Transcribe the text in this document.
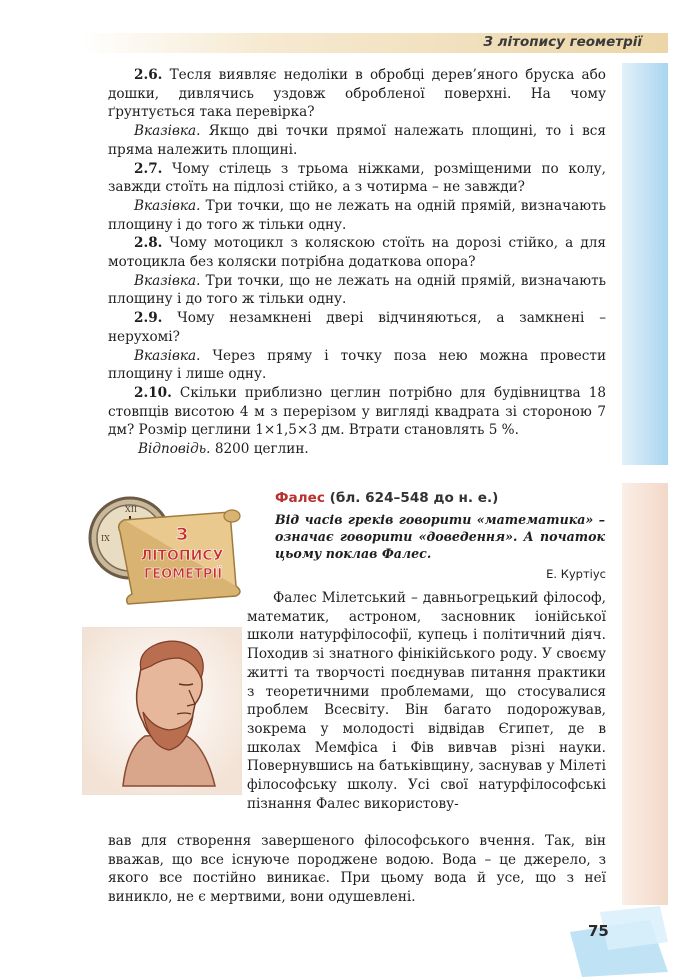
З літопису геометрії

2.6. Тесля виявляє недоліки в обробці дерев’яного бруска або дошки, дивлячись уздовж обробленої поверхні. На чому ґрунтується така перевірка?

Вказівка. Якщо дві точки прямої належать площині, то і вся пряма належить площині.

2.7. Чому стілець з трьома ніжками, розміщеними по колу, завжди стоїть на підлозі стійко, а з чотирма – не завжди?

Вказівка. Три точки, що не лежать на одній прямій, визначають площину і до того ж тільки одну.

2.8. Чому мотоцикл з коляскою стоїть на дорозі стійко, а для мотоцикла без коляски потрібна додаткова опора?

Вказівка. Три точки, що не лежать на одній прямій, визначають площину і до того ж тільки одну.

2.9. Чому незамкнені двері відчиняються, а замкнені – нерухомі?

Вказівка. Через пряму і точку поза нею можна провести площину і лише одну.

2.10. Скільки приблизно цеглин потрібно для будівництва 18 стовпців висотою 4 м з перерізом у вигляді квадрата зі стороною 7 дм? Розмір цеглини 1×1,5×3 дм. Втрати становлять 5 %.

Відповідь. 8200 цеглин.

XII
IX	З
ЛІТОПИСУ
ГЕОМЕТРІЇ
Фалес (бл. 624–548 до н. е.)
Від часів греків говорити «математика» – означає говорити «доведення». А початок цьому поклав Фалес.
Е. Куртіус
Фалес Мілетський – давньогрецький філософ, математик, астроном, засновник іонійської школи натурфілософії, купець і політичний діяч. Походив зі знатного фінікійського роду. У своєму житті та творчості поєднував питання практики з теоретичними проблемами, що стосувалися проблем Всесвіту. Він багато подорожував, зокрема у молодості відвідав Єгипет, де в школах Мемфіса і Фів вивчав різні науки. Повернувшись на батьківщину, заснував у Мілеті філософську школу. Усі свої натурфілософські пізнання Фалес використову-
вав для створення завершеного філософського вчення. Так, він вважав, що все існуюче породжене водою. Вода – це джерело, з якого все постійно виникає. При цьому вода й усе, що з неї виникло, не є мертвими, вони одушевлені.
75
